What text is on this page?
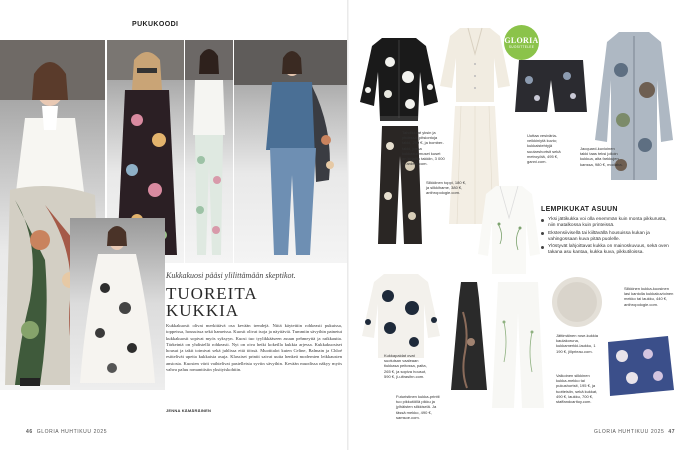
PUKUKOODI
Kukkakuosi pääsi ylilittämään skeptikot.
TUOREITA
KUKKIA
Kukkakuosit olivat merkittävä osa kevään trendejä. Niitä käytettiin rohkeasti pukuissa, toppeissa, housuissa sekä hameissa. Kuosit olivat isoja ja näyttäviä. Tummiin sävyihin painetut kukkakuosit sopivat myös syksyyn. Kuosi tuo tyylikkääseen asuun pehmeyttä ja raikkautta. Tärkeintä on yhdistellä rohkeasti. Nyt on oiva hetki kokeilla kukkia arjessa. Kukkakuosiset housut ja takit toimivat sekä juhlissa että töissä. Muotitalot kuten Celine, Balmain ja Chloé esittelivät upeita kukkaisia asuja. Klassiset printit saivat uutta henkeä modernien leikkausten ansiosta. Kuosien värit vaihtelivat pastelleista syviin sävyihin. Kevään muodissa näkyy myös vahva paluu romanttisiin yksityiskohtiin.
JENNA KÄMÄRÄINEN
46 GLORIA HUHTIKUU 2025
GLORIA
SUOSITTELEE
Tahdikkaat yksin ja yhdessä: pitsiontoja takki, 290 €, ja bomber-takki, jossa kukkasuomuset kuset on kirjailtu takkiin, 3 000 €, ardem.com.
Silkkiinen toppi, 180 €, ja silkkihame, 380 €, anthropologie.com.
Uuttaa vesiväria-veikkiniytä kuvio; kukkaistehtyjä suutarshortsit sekä metroyötä, 495 €, ganni.com.
Jacquard-kuvioinen takki taas teksi jolloin kukkua, alta farkkujen kanssa, 980 €, modaba.
Kukkapaidat ovat suotuisan vaaleaan tiukkasa peitossa, paita, 265 €, ja sopiva housut, 590 €, ji-ultrasihn.com.
Futuristinen kukka-printti tuo pikkutöillä pikku ja jylhäisten silkkiselä. Ja tässä mekko, 490 €, samsoe.com.
Silkkinen kukka-kuosinen lasi kantolla kukkakuvioinen mekko tai laukku, 440 €, anthropologie.com.
Jättimäinen rose-kukkia kaulakoruna, kukkamerkki-laukku, 1 190 €, jillprieau.com.
Valkoinen silkkinen kukka-mekko tai pukushortsit, 195 €, ja tuotteisiin, sekä kukkat, 490 €, laukku, 700 €, staffandcaritoy.com.
LEMPIKUKAT ASUUN
Yksi jättikukka voi olla enemmän kuin monta pikkurusta, niin matalkossa kuin printeissä.
Ekstensiivisellä tai kiiltävällä housuissa kukan ja vahingossaan kuva pitää puolelle.
Ylöstyvät lahjoittavat kukka on mainoskuvuus, sekä oven takana asu kantaa, kukka kuva, pikkutiloissa.
GLORIA HUHTIKUU 2025 47
